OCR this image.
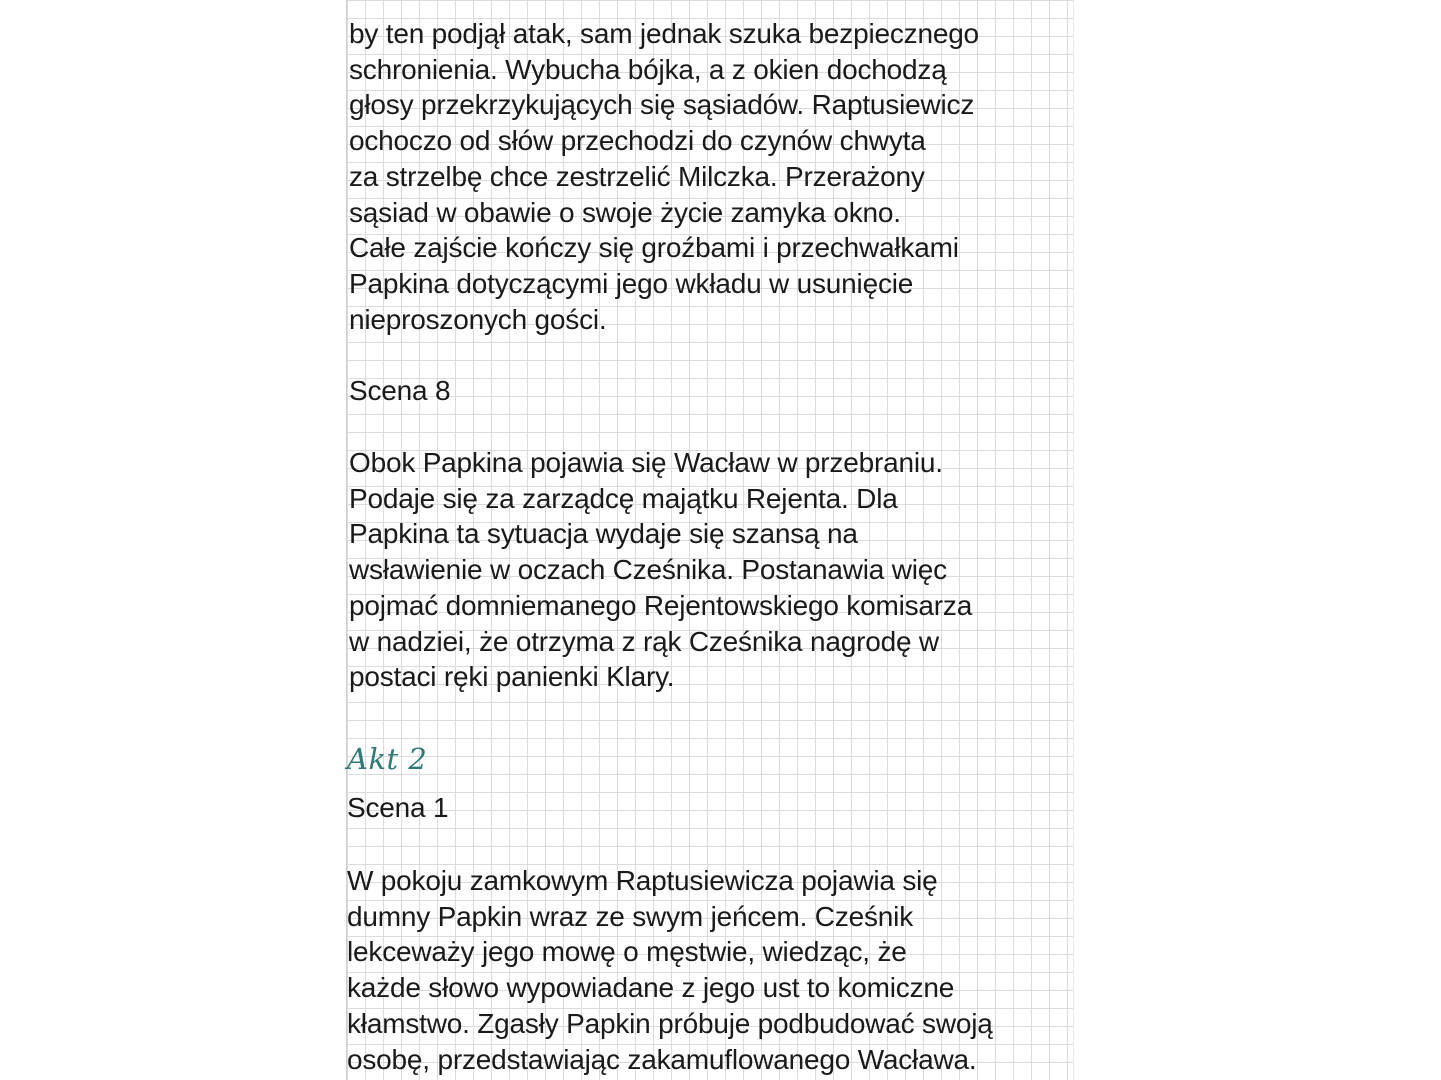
by ten podjął atak, sam jednak szuka bezpiecznego
schronienia. Wybucha bójka, a z okien dochodzą
głosy przekrzykujących się sąsiadów. Raptusiewicz
ochoczo od słów przechodzi do czynów chwyta
za strzelbę chce zestrzelić Milczka. Przerażony
sąsiad w obawie o swoje życie zamyka okno.
Całe zajście kończy się groźbami i przechwałkami
Papkina dotyczącymi jego wkładu w usunięcie
nieproszonych gości.
Scena 8
Obok Papkina pojawia się Wacław w przebraniu.
Podaje się za zarządcę majątku Rejenta. Dla
Papkina ta sytuacja wydaje się szansą na
wsławienie w oczach Cześnika. Postanawia więc
pojmać domniemanego Rejentowskiego komisarza
w nadziei, że otrzyma z rąk Cześnika nagrodę w
postaci ręki panienki Klary.
Akt 2
Scena 1
W pokoju zamkowym Raptusiewicza pojawia się
dumny Papkin wraz ze swym jeńcem. Cześnik
lekceważy jego mowę o męstwie, wiedząc, że
każde słowo wypowiadane z jego ust to komiczne
kłamstwo. Zgasły Papkin próbuje podbudować swoją
osobę, przedstawiając zakamuflowanego Wacława.
